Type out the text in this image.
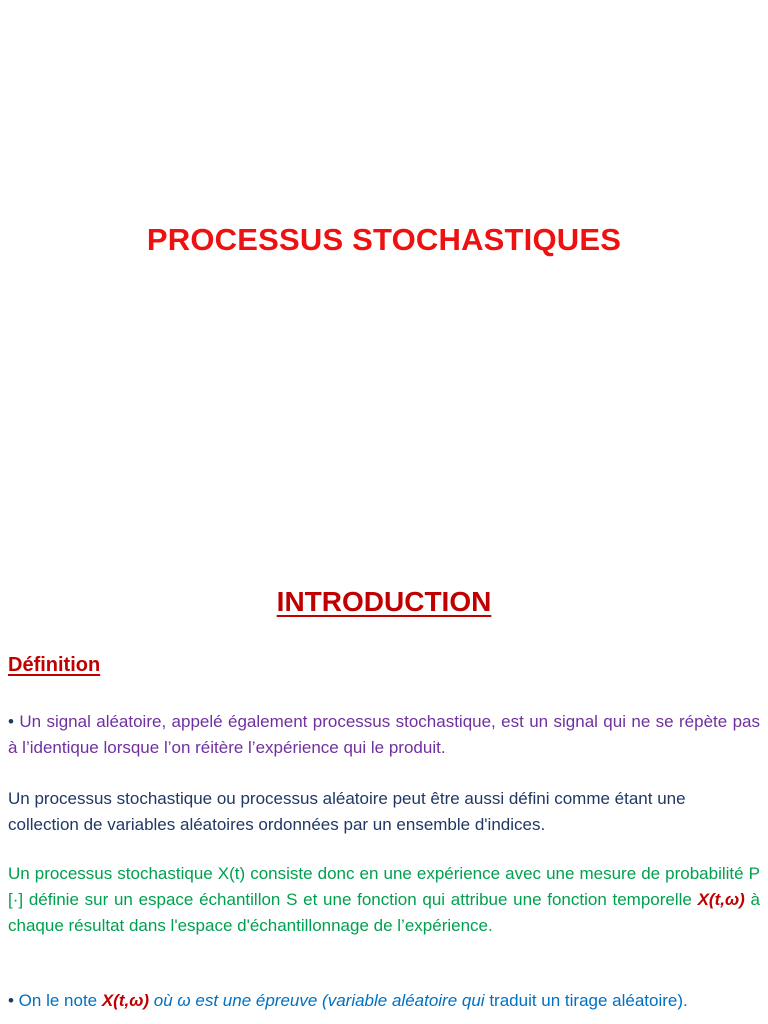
PROCESSUS STOCHASTIQUES
INTRODUCTION
Définition

• Un signal aléatoire, appelé également processus stochastique, est un signal qui ne se répète pas à l’identique lorsque l’on réitère l’expérience qui le produit.

Un processus stochastique ou processus aléatoire peut être aussi défini comme étant une collection de variables aléatoires ordonnées par un ensemble d'indices.

Un processus stochastique X(t) consiste donc en une expérience avec une mesure de probabilité P [·] définie sur un espace échantillon S et une fonction qui attribue une fonction temporelle X(t,ω) à chaque résultat dans l'espace d'échantillonnage de l’expérience.

• On le note X(t,ω) où ω est une épreuve (variable aléatoire qui traduit un tirage aléatoire).
